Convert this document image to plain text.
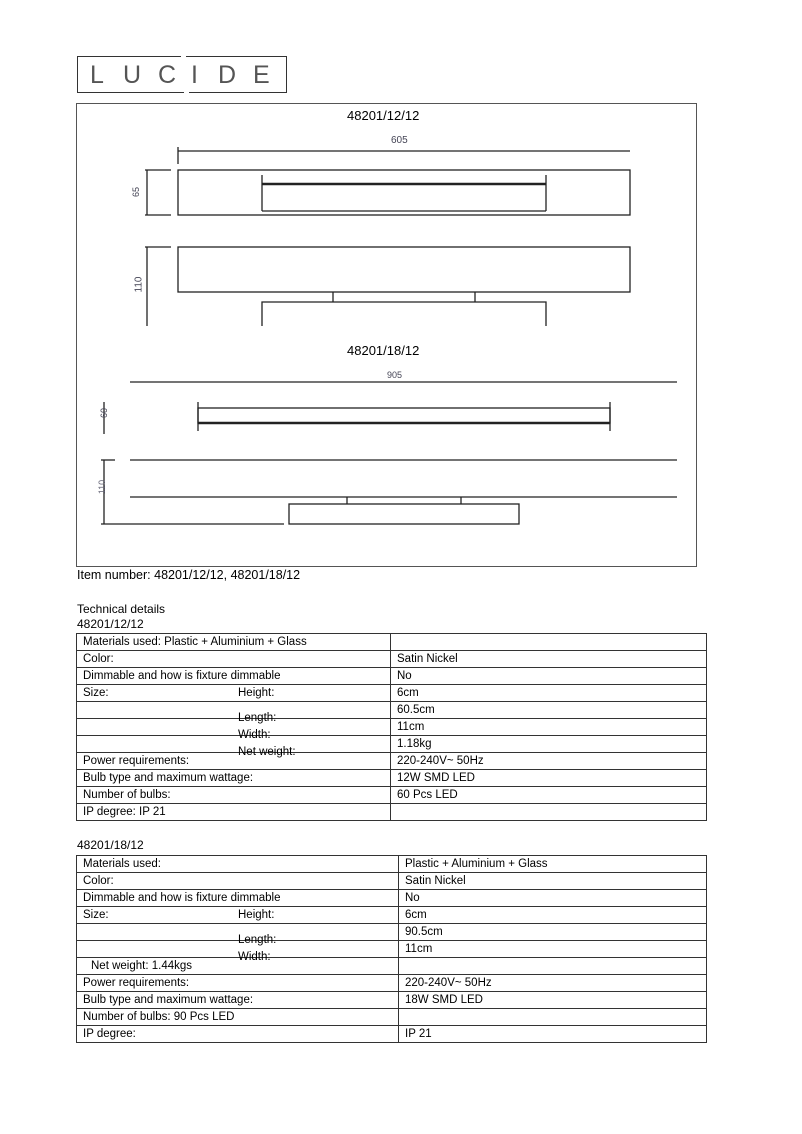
L U C I D E
48201/12/12
605
65
110
48201/18/12
905
60
110
Item number: 48201/12/12, 48201/18/12
Technical details
48201/12/12
Materials used: Plastic + Aluminium + Glass

Color:	Satin Nickel
Dimmable and how is fixture dimmable	No
Size: Height:	6cm

Length:	60.5cm

Width:	11cm

Net weight:	1.18kg
Power requirements:	220-240V~ 50Hz
Bulb type and maximum wattage:	12W SMD LED
Number of bulbs:	60 Pcs LED
IP degree: IP 21

48201/18/12
Materials used:	Plastic + Aluminium + Glass
Color:	Satin Nickel
Dimmable and how is fixture dimmable	No
Size: Height:	6cm

Length:	90.5cm

Width:	11cm
Net weight: 1.44kgs

Power requirements:	220-240V~ 50Hz
Bulb type and maximum wattage:	18W SMD LED
Number of bulbs: 90 Pcs LED

IP degree:	IP 21
